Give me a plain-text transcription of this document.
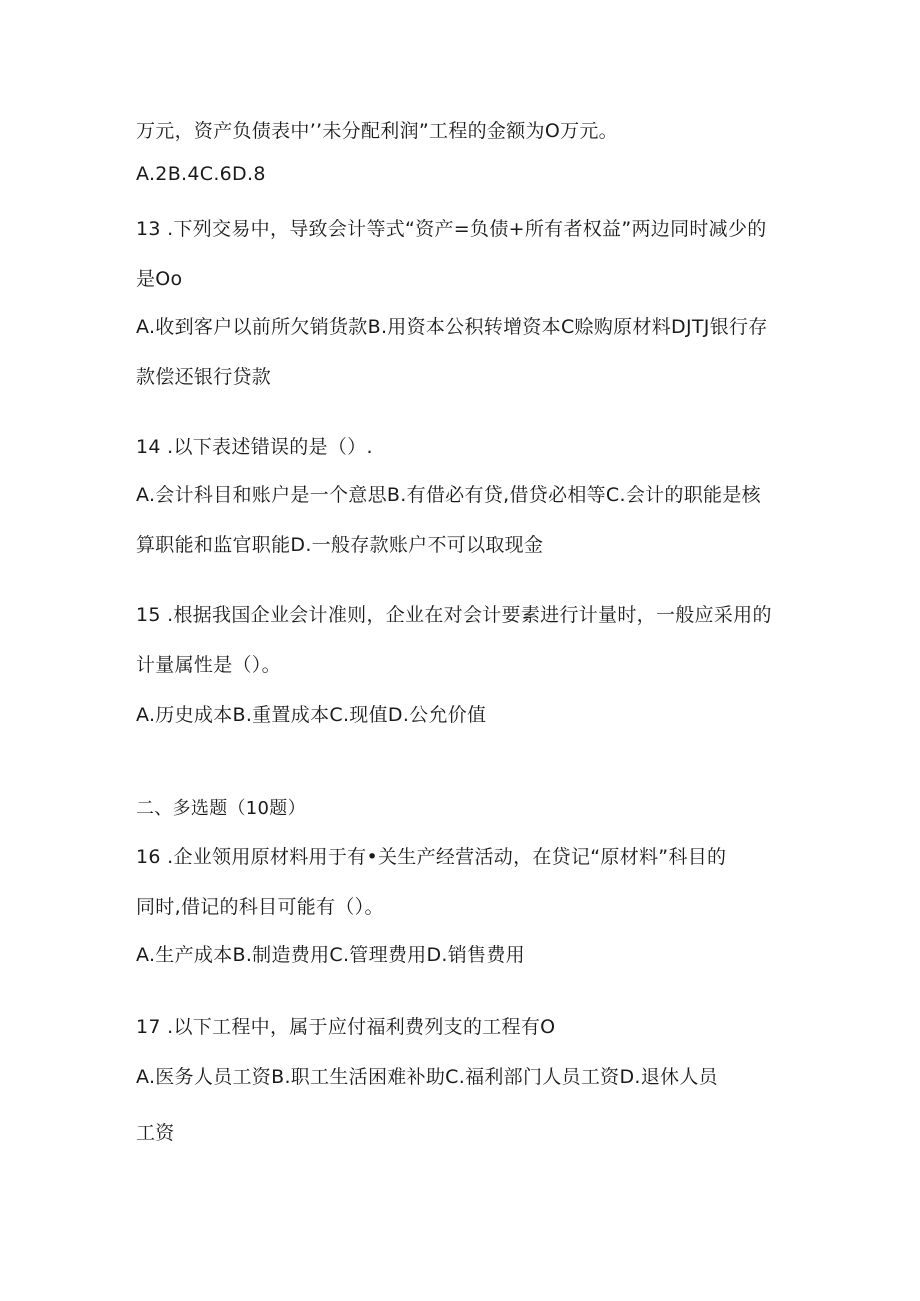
万元，资产负债表中’’未分配利润”工程的金额为O万元。
A.2B.4C.6D.8
13 .下列交易中，导致会计等式“资产=负债+所有者权益”两边同时减少的
是Oo
A.收到客户以前所欠销货款B.用资本公积转增资本C赊购原材料DJTJ银行存
款偿还银行贷款
14 .以下表述错误的是（）.
A.会计科目和账户是一个意思B.有借必有贷,借贷必相等C.会计的职能是核
算职能和监官职能D.一般存款账户不可以取现金
15 .根据我国企业会计准则，企业在对会计要素进行计量时，一般应采用的
计量属性是（）。
A.历史成本B.重置成本C.现值D.公允价值
二、多选题（10题）
16 .企业领用原材料用于有•关生产经营活动，在贷记“原材料”科目的
同时,借记的科目可能有（）。
A.生产成本B.制造费用C.管理费用D.销售费用
17 .以下工程中，属于应付福利费列支的工程有O
A.医务人员工资B.职工生活困难补助C.福利部门人员工资D.退休人员
工资
